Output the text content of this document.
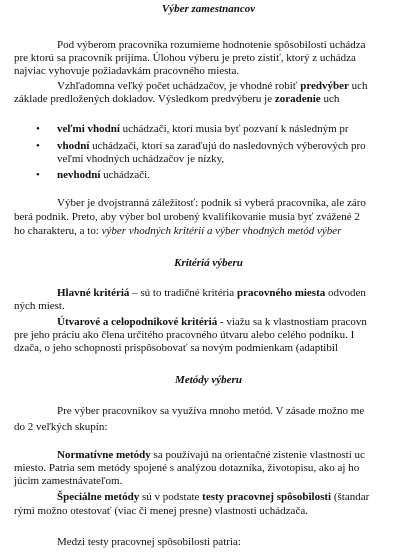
Výber zamestnancov
Pod výberom pracovníka rozumieme hodnotenie spôsobilosti uchádza
pre ktorú sa pracovník prijíma. Úlohou výberu je preto zistiť, ktorý z uchádza
najviac vyhovuje požiadavkám pracovného miesta.
Vzhľadomna veľký počet uchádzačov, je vhodné robiť predvýber uch
základe predložených dokladov. Výsledkom predvýberu je zoradenie uch
• veľmi vhodní uchádzači, ktorí musia byť pozvaní k následným pr
• vhodní uchádzači, ktorí sa zaraďujú do nasledovných výberových pro
veľmi vhodných uchádzačov je nízky,
• nevhodní uchádzači.
Výber je dvojstranná záležitosť: podnik si vyberá pracovníka, ale záro
berá podnik. Preto, aby výber bol urobený kvalifikovanie musia byť zvážené 2
ho charakteru, a to: výber vhodných kritérií a výber vhodných metód výber
Kritériá výberu
Hlavné kritériá – sú to tradičné kritéria pracovného miesta odvoden
ných miest.
Útvarové a celopodnikové kritériá - viažu sa k vlastnostiam pracovn
pre jeho práciu ako člena určitého pracovného útvaru alebo celého podniku. I
dzača, o jeho schopnosti prispôsobovať sa novým podmienkam (adaptibil
Metódy výberu
Pre výber pracovníkov sa využíva mnoho metód. V zásade možno me
do 2 veľkých skupín:
Normatívne metódy sa používajú na orientačné zistenie vlastností uc
miesto. Patria sem metódy spojené s analýzou dotazníka, životopisu, ako aj ho
júcim zamestnávateľom.
Špeciálne metódy sú v podstate testy pracovnej spôsobilosti (štandar
rými možno otestovať (viac či menej presne) vlastnosti uchádzača.
Medzi testy pracovnej spôsobilosti patria:
